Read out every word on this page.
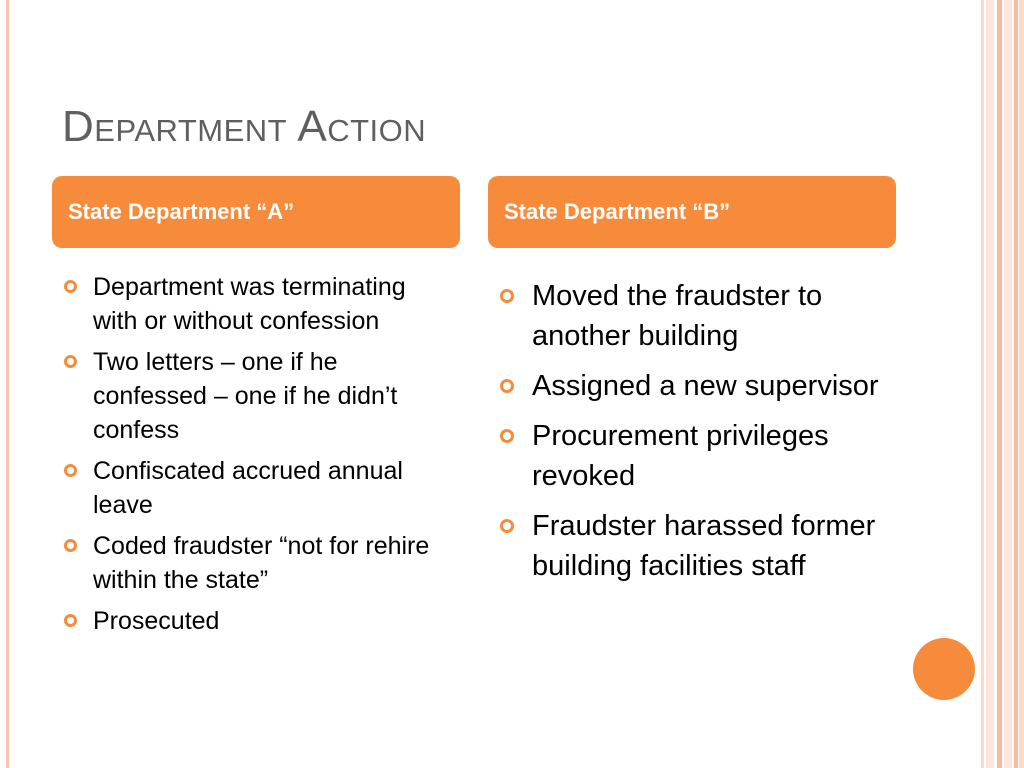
Department Action
State Department “A”	State Department “B”
Department was terminating with or without confession
Two letters – one if he confessed – one if he didn’t confess
Confiscated accrued annual leave
Coded fraudster “not for rehire within the state”
Prosecuted
Moved the fraudster to another building
Assigned a new supervisor
Procurement privileges revoked
Fraudster harassed former building facilities staff
